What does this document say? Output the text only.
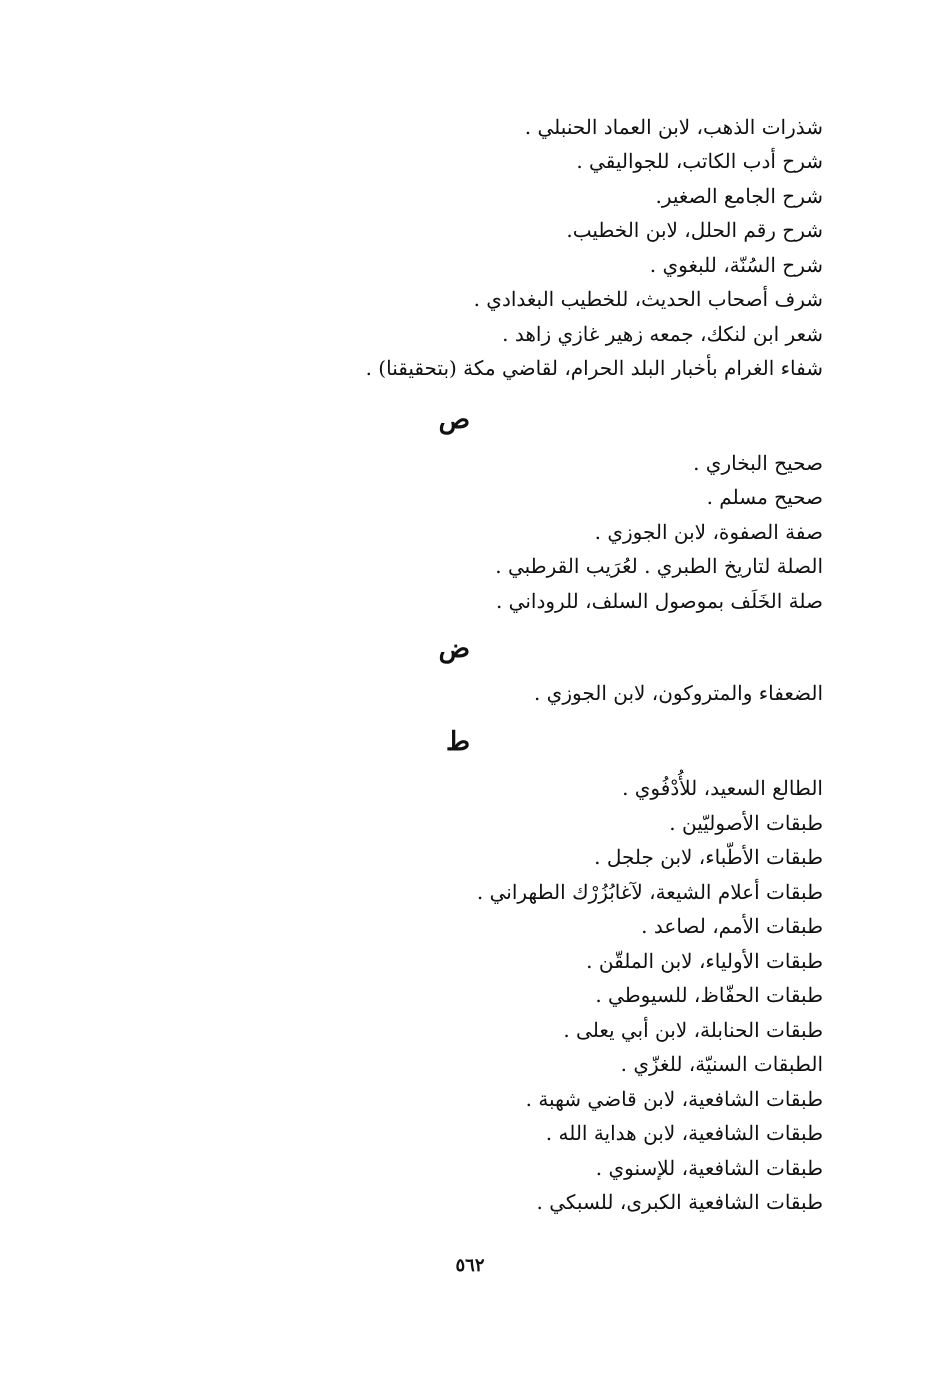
شذرات الذهب، لابن العماد الحنبلي .
شرح أدب الكاتب، للجواليقي .
شرح الجامع الصغير.
شرح رقم الحلل، لابن الخطيب.
شرح السُنّة، للبغوي .
شرف أصحاب الحديث، للخطيب البغدادي .
شعر ابن لنكك، جمعه زهير غازي زاهد .
شفاء الغرام بأخبار البلد الحرام، لقاضي مكة (بتحقيقنا) .
ص
صحيح البخاري .
صحيح مسلم .
صفة الصفوة، لابن الجوزي .
الصلة لتاريخ الطبري . لعُرَيب القرطبي .
صلة الخَلَف بموصول السلف، للروداني .
ض
الضعفاء والمتروكون، لابن الجوزي .
ط
الطالع السعيد، للأُدْفُوي .
طبقات الأصوليّين .
طبقات الأطّباء، لابن جلجل .
طبقات أعلام الشيعة، لآغابُزُرْك الطهراني .
طبقات الأمم، لصاعد .
طبقات الأولياء، لابن الملقّن .
طبقات الحفّاظ، للسيوطي .
طبقات الحنابلة، لابن أبي يعلى .
الطبقات السنيّة، للغزّي .
طبقات الشافعية، لابن قاضي شهبة .
طبقات الشافعية، لابن هداية الله .
طبقات الشافعية، للإسنوي .
طبقات الشافعية الكبرى، للسبكي .
٥٦٢
